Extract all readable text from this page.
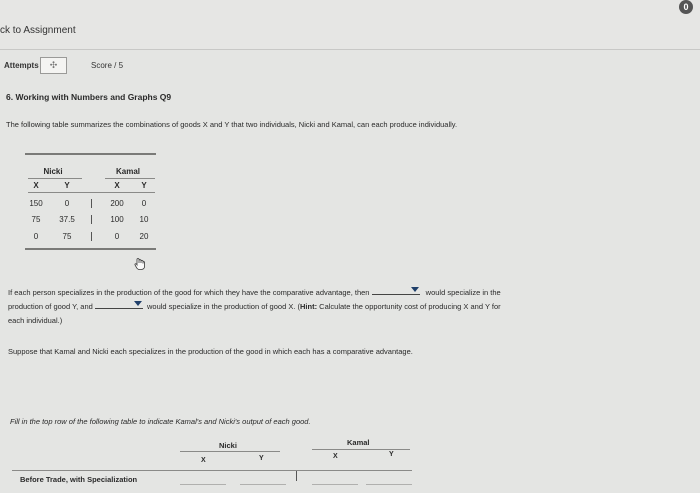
ck to Assignment
0
Attempts	✣	Score / 5
6. Working with Numbers and Graphs Q9
The following table summarizes the combinations of goods X and Y that two individuals, Nicki and Kamal, can each produce individually.
Nicki	Kamal
X	Y	X	Y
150	0	200	0
75	37.5	100	10
0	75	0	20
If each person specializes in the production of the good for which they have the comparative advantage, then	would specialize in the
production of good Y, and	would specialize in the production of good X. (Hint: Calculate the opportunity cost of producing X and Y for
each individual.)
Suppose that Kamal and Nicki each specializes in the production of the good in which each has a comparative advantage.
Fill in the top row of the following table to indicate Kamal's and Nicki's output of each good.
Nicki	Kamal
X	Y	X	Y
Before Trade, with Specialization
